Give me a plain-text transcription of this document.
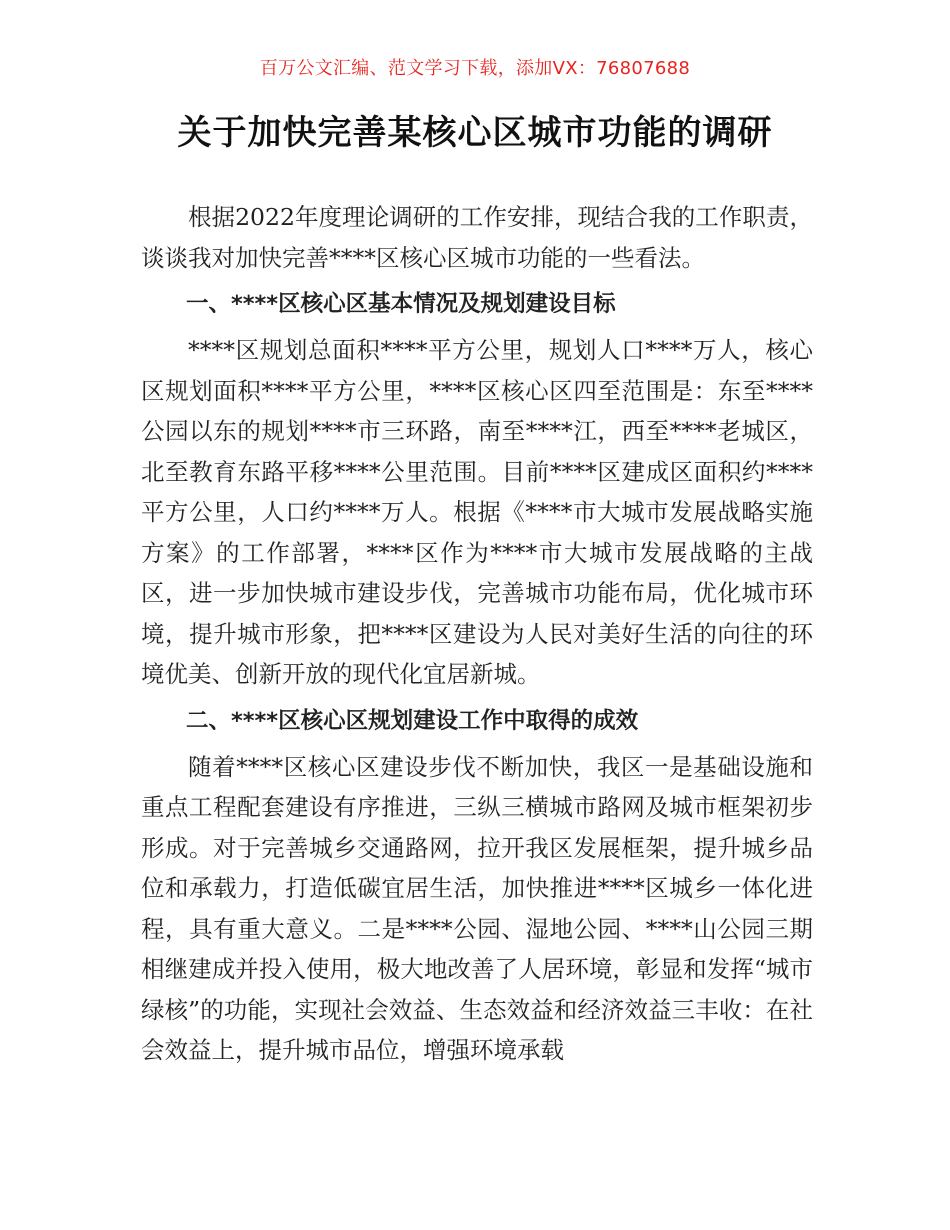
百万公文汇编、范文学习下载，添加VX：76807688
关于加快完善某核心区城市功能的调研

根据2022年度理论调研的工作安排，现结合我的工作职责，谈谈我对加快完善****区核心区城市功能的一些看法。

一、****区核心区基本情况及规划建设目标

****区规划总面积****平方公里，规划人口****万人，核心区规划面积****平方公里，****区核心区四至范围是：东至****公园以东的规划****市三环路，南至****江，西至****老城区，北至教育东路平移****公里范围。目前****区建成区面积约****平方公里，人口约****万人。根据《****市大城市发展战略实施方案》的工作部署，****区作为****市大城市发展战略的主战区，进一步加快城市建设步伐，完善城市功能布局，优化城市环境，提升城市形象，把****区建设为人民对美好生活的向往的环境优美、创新开放的现代化宜居新城。

二、****区核心区规划建设工作中取得的成效

随着****区核心区建设步伐不断加快，我区一是基础设施和重点工程配套建设有序推进，三纵三横城市路网及城市框架初步形成。对于完善城乡交通路网，拉开我区发展框架，提升城乡品位和承载力，打造低碳宜居生活，加快推进****区城乡一体化进程，具有重大意义。二是****公园、湿地公园、****山公园三期相继建成并投入使用，极大地改善了人居环境，彰显和发挥“城市绿核”的功能，实现社会效益、生态效益和经济效益三丰收：在社会效益上，提升城市品位，增强环境承载
